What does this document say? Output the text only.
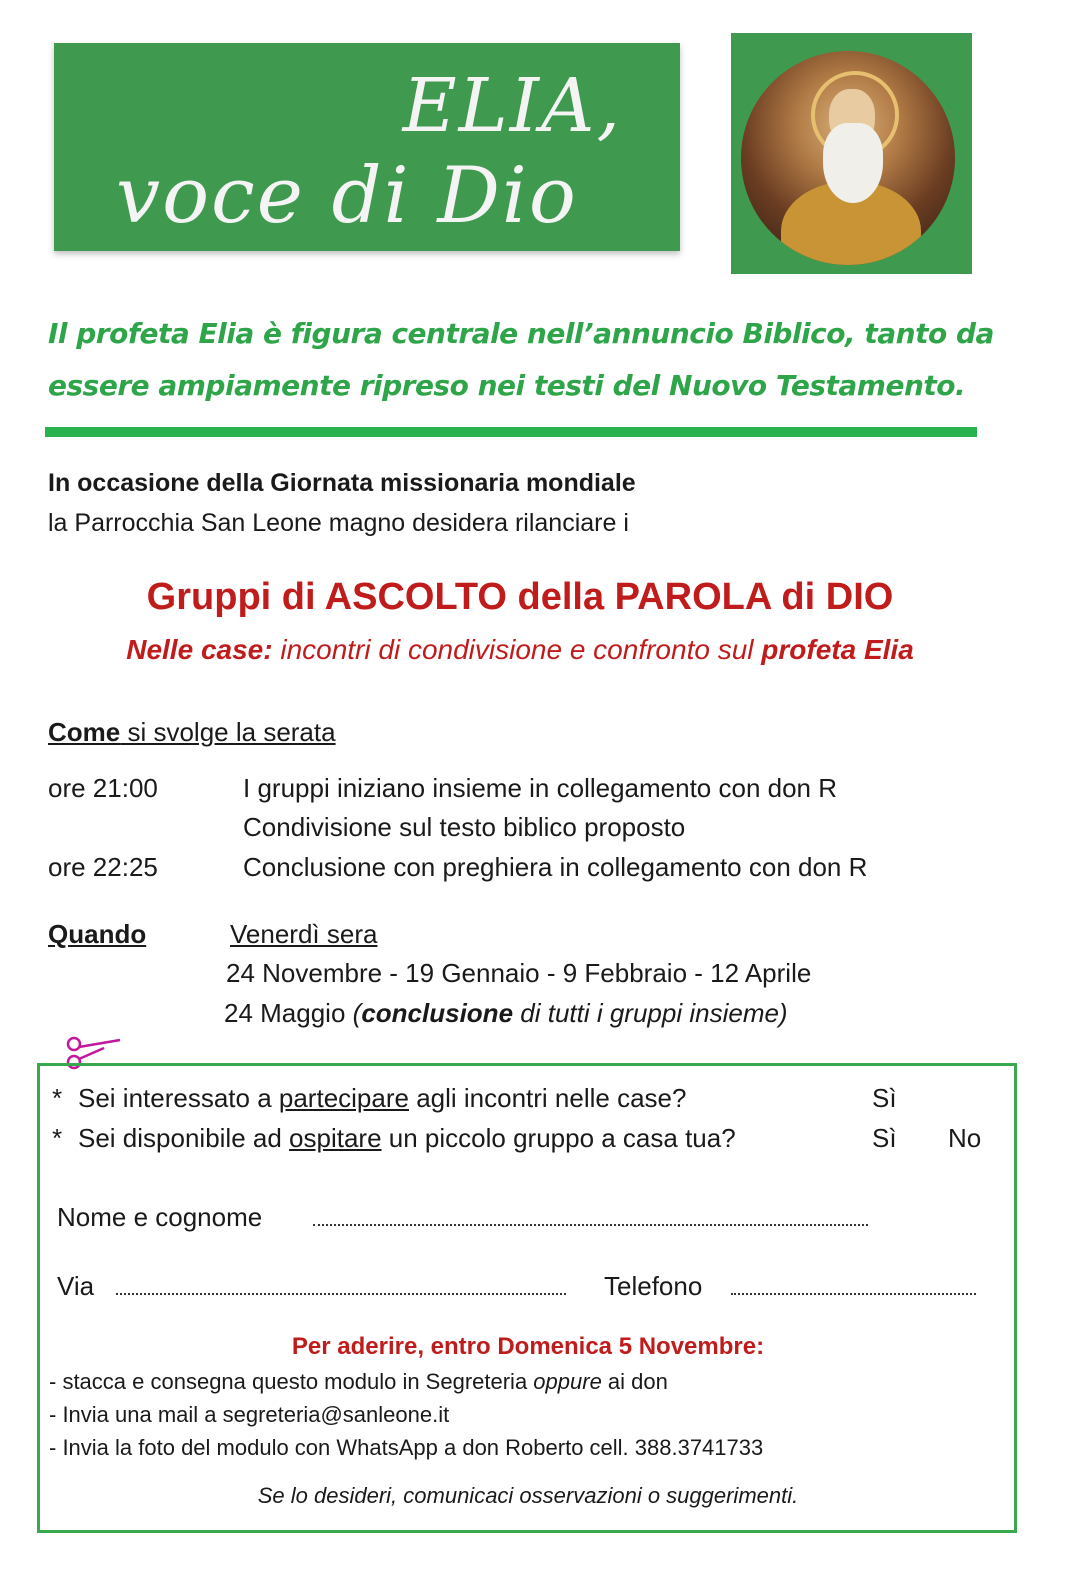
ELIA,
voce di Dio
Il profeta Elia è figura centrale nell’annuncio Biblico, tanto da
essere ampiamente ripreso nei testi del Nuovo Testamento.
In occasione della Giornata missionaria mondiale
la Parrocchia San Leone magno desidera rilanciare i
Gruppi di ASCOLTO della PAROLA di DIO
Nelle case: incontri di condivisione e confronto sul profeta Elia
Come si svolge la serata
ore 21:00	I gruppi iniziano insieme in collegamento con don R
Condivisione sul testo biblico proposto
ore 22:25	Conclusione con preghiera in collegamento con don R
Quando	Venerdì sera
24 Novembre - 19 Gennaio - 9 Febbraio - 12 Aprile
24 Maggio (conclusione di tutti i gruppi insieme)
* Sei interessato a partecipare agli incontri nelle case?	Sì
* Sei disponibile ad ospitare un piccolo gruppo a casa tua?	Sì No
Nome e cognome
Via	Telefono
Per aderire, entro Domenica 5 Novembre:
- stacca e consegna questo modulo in Segreteria oppure ai don
- Invia una mail a segreteria@sanleone.it
- Invia la foto del modulo con WhatsApp a don Roberto cell. 388.3741733
Se lo desideri, comunicaci osservazioni o suggerimenti.
